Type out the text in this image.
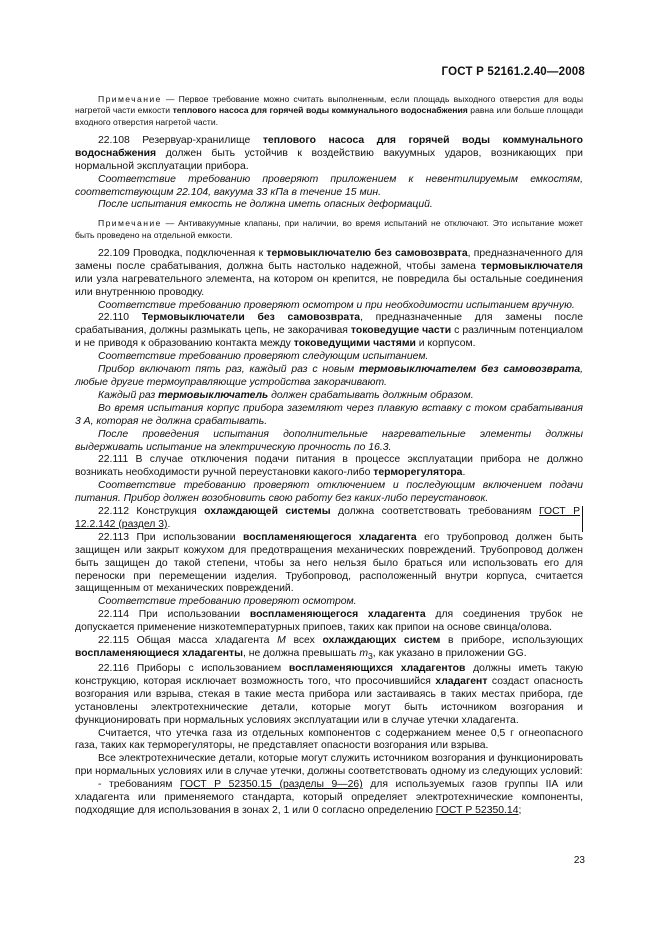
ГОСТ Р 52161.2.40—2008

Примечание — Первое требование можно считать выполненным, если площадь выходного отверстия для воды нагретой части емкости теплового насоса для горячей воды коммунального водоснабжения равна или больше площади входного отверстия нагретой части.

22.108 Резервуар-хранилище теплового насоса для горячей воды коммунального водоснабжения должен быть устойчив к воздействию вакуумных ударов, возникающих при нормальной эксплуатации прибора.

Соответствие требованию проверяют приложением к невентилируемым емкостям, соответствующим 22.104, вакуума 33 кПа в течение 15 мин.

После испытания емкость не должна иметь опасных деформаций.

Примечание — Антивакуумные клапаны, при наличии, во время испытаний не отключают. Это испытание может быть проведено на отдельной емкости.

22.109 Проводка, подключенная к термовыключателю без самовозврата, предназначенного для замены после срабатывания, должна быть настолько надежной, чтобы замена термовыключателя или узла нагревательного элемента, на котором он крепится, не повредила бы остальные соединения или внутреннюю проводку.

Соответствие требованию проверяют осмотром и при необходимости испытанием вручную.

22.110 Термовыключатели без самовозврата, предназначенные для замены после срабатывания, должны размыкать цепь, не закорачивая токоведущие части с различным потенциалом и не приводя к образованию контакта между токоведущими частями и корпусом.

Соответствие требованию проверяют следующим испытанием.

Прибор включают пять раз, каждый раз с новым термовыключателем без самовозврата, любые другие термоуправляющие устройства закорачивают.

Каждый раз термовыключатель должен срабатывать должным образом.

Во время испытания корпус прибора заземляют через плавкую вставку с током срабатывания 3 А, которая не должна срабатывать.

После проведения испытания дополнительные нагревательные элементы должны выдерживать испытание на электрическую прочность по 16.3.

22.111 В случае отключения подачи питания в процессе эксплуатации прибора не должно возникать необходимости ручной переустановки какого-либо терморегулятора.

Соответствие требованию проверяют отключением и последующим включением подачи питания. Прибор должен возобновить свою работу без каких-либо переустановок.

22.112 Конструкция охлаждающей системы должна соответствовать требованиям ГОСТ Р 12.2.142 (раздел 3).

22.113 При использовании воспламеняющегося хладагента его трубопровод должен быть защищен или закрыт кожухом для предотвращения механических повреждений. Трубопровод должен быть защищен до такой степени, чтобы за него нельзя было браться или использовать его для переноски при перемещении изделия. Трубопровод, расположенный внутри корпуса, считается защищенным от механических повреждений.

Соответствие требованию проверяют осмотром.

22.114 При использовании воспламеняющегося хладагента для соединения трубок не допускается применение низкотемпературных припоев, таких как припои на основе свинца/олова.

22.115 Общая масса хладагента M всех охлаждающих систем в приборе, использующих воспламеняющиеся хладагенты, не должна превышать $m_3$, как указано в приложении GG.

22.116 Приборы с использованием воспламеняющихся хладагентов должны иметь такую конструкцию, которая исключает возможность того, что просочившийся хладагент создаст опасность возгорания или взрыва, стекая в такие места прибора или застаиваясь в таких местах прибора, где установлены электротехнические детали, которые могут быть источником возгорания и функционировать при нормальных условиях эксплуатации или в случае утечки хладагента.

Считается, что утечка газа из отдельных компонентов с содержанием менее 0,5 г огнеопасного газа, таких как терморегуляторы, не представляет опасности возгорания или взрыва.

Все электротехнические детали, которые могут служить источником возгорания и функционировать при нормальных условиях или в случае утечки, должны соответствовать одному из следующих условий:

- требованиям ГОСТ Р 52350.15 (разделы 9—26) для используемых газов группы IIA или хладагента или применяемого стандарта, который определяет электротехнические компоненты, подходящие для использования в зонах 2, 1 или 0 согласно определению ГОСТ Р 52350.14;

23
